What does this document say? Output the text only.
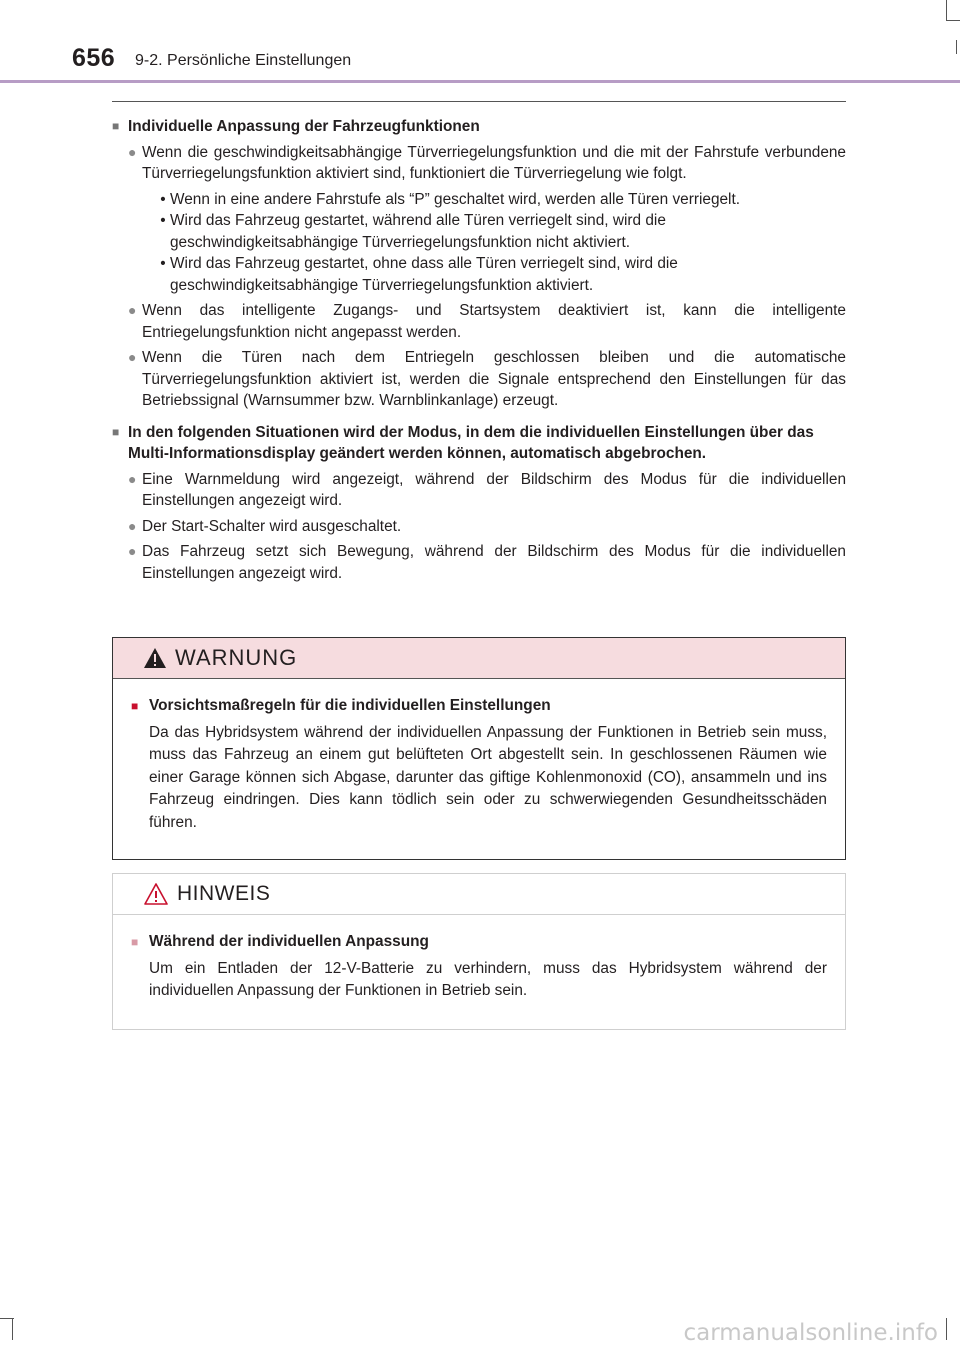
656 9-2. Persönliche Einstellungen
■ Individuelle Anpassung der Fahrzeugfunktionen
● Wenn die geschwindigkeitsabhängige Türverriegelungsfunktion und die mit der Fahrstufe verbundene Türverriegelungsfunktion aktiviert sind, funktioniert die Türverriegelung wie folgt.
• Wenn in eine andere Fahrstufe als “P” geschaltet wird, werden alle Türen verriegelt.
• Wird das Fahrzeug gestartet, während alle Türen verriegelt sind, wird die geschwindigkeitsabhängige Türverriegelungsfunktion nicht aktiviert.
• Wird das Fahrzeug gestartet, ohne dass alle Türen verriegelt sind, wird die geschwindigkeitsabhängige Türverriegelungsfunktion aktiviert.
● Wenn das intelligente Zugangs- und Startsystem deaktiviert ist, kann die intelligente Entriegelungsfunktion nicht angepasst werden.
● Wenn die Türen nach dem Entriegeln geschlossen bleiben und die automatische Türverriegelungsfunktion aktiviert ist, werden die Signale entsprechend den Einstellungen für das Betriebssignal (Warnsummer bzw. Warnblinkanlage) erzeugt.
■ In den folgenden Situationen wird der Modus, in dem die individuellen Einstellungen über das Multi-Informationsdisplay geändert werden können, automatisch abgebrochen.
● Eine Warnmeldung wird angezeigt, während der Bildschirm des Modus für die individuellen Einstellungen angezeigt wird.
● Der Start-Schalter wird ausgeschaltet.
● Das Fahrzeug setzt sich Bewegung, während der Bildschirm des Modus für die individuellen Einstellungen angezeigt wird.
WARNUNG
■ Vorsichtsmaßregeln für die individuellen Einstellungen
Da das Hybridsystem während der individuellen Anpassung der Funktionen in Betrieb sein muss, muss das Fahrzeug an einem gut belüfteten Ort abgestellt sein. In geschlossenen Räumen wie einer Garage können sich Abgase, darunter das giftige Kohlenmonoxid (CO), ansammeln und ins Fahrzeug eindringen. Dies kann tödlich sein oder zu schwerwiegenden Gesundheitsschäden führen.
HINWEIS
■ Während der individuellen Anpassung
Um ein Entladen der 12-V-Batterie zu verhindern, muss das Hybridsystem während der individuellen Anpassung der Funktionen in Betrieb sein.
carmanualsonline.info
